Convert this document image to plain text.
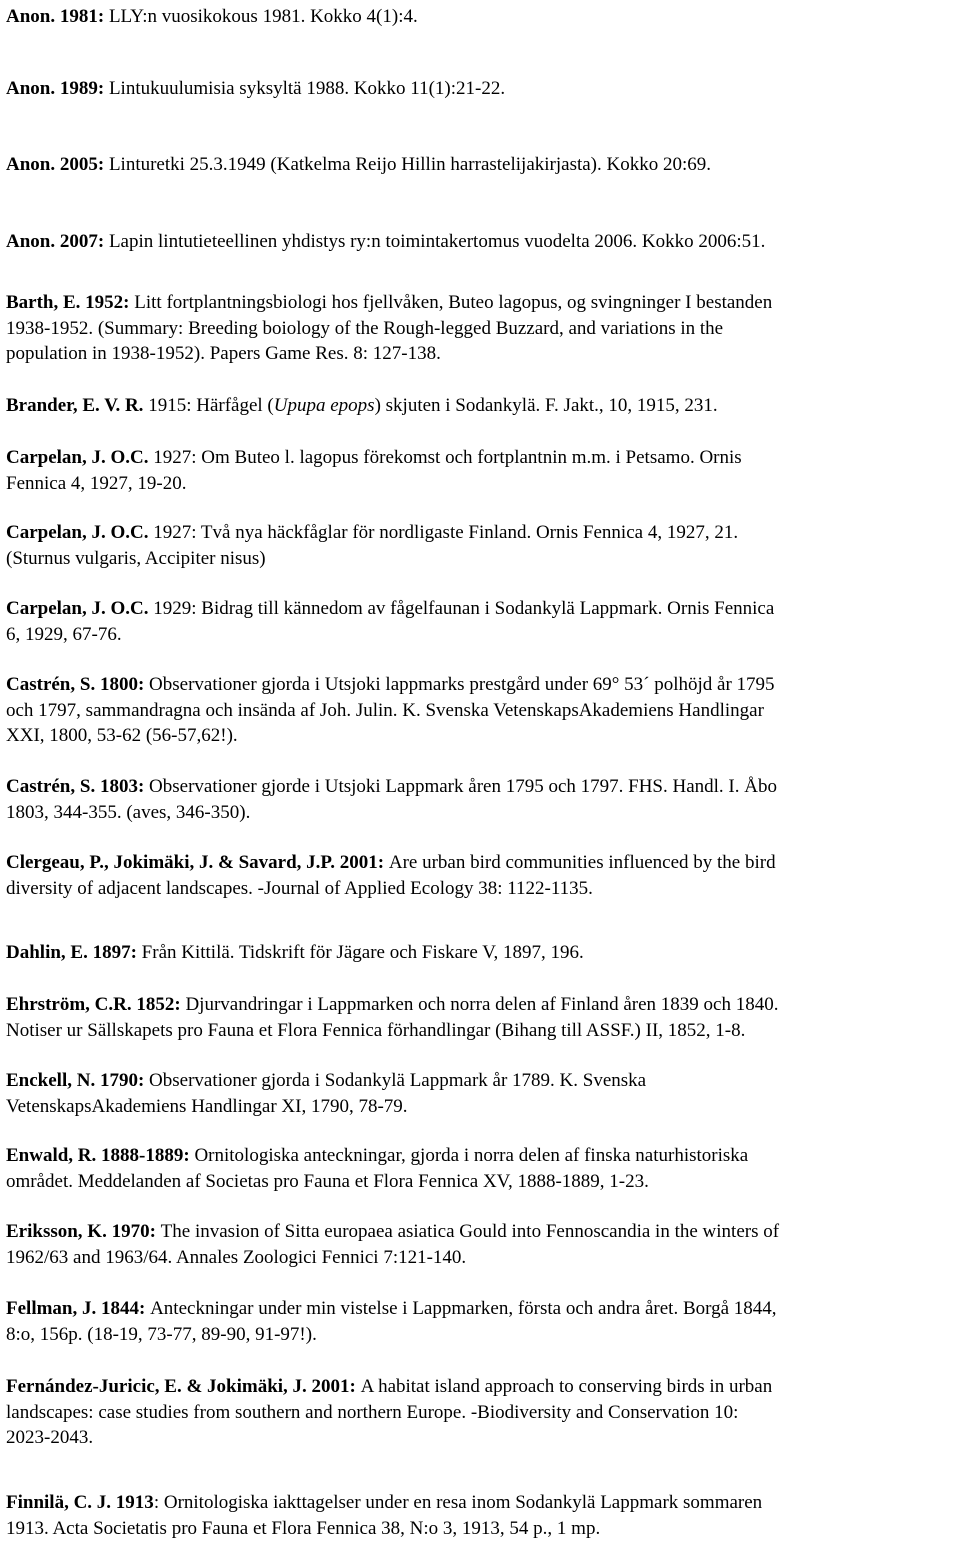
Anon. 1981: LLY:n vuosikokous 1981. Kokko 4(1):4.
Anon. 1989: Lintukuulumisia syksyltä 1988. Kokko 11(1):21-22.
Anon. 2005: Linturetki 25.3.1949 (Katkelma Reijo Hillin harrastelijakirjasta). Kokko 20:69.
Anon. 2007: Lapin lintutieteellinen yhdistys ry:n toimintakertomus vuodelta 2006. Kokko 2006:51.
Barth, E. 1952: Litt fortplantningsbiologi hos fjellvåken, Buteo lagopus, og svingninger I bestanden
1938-1952. (Summary: Breeding boiology of the Rough-legged Buzzard, and variations in the
population in 1938-1952). Papers Game Res. 8: 127-138.
Brander, E. V. R. 1915: Härfågel (Upupa epops) skjuten i Sodankylä. F. Jakt., 10, 1915, 231.
Carpelan, J. O.C. 1927: Om Buteo l. lagopus förekomst och fortplantnin m.m. i Petsamo. Ornis
Fennica 4, 1927, 19-20.
Carpelan, J. O.C. 1927: Två nya häckfåglar för nordligaste Finland. Ornis Fennica 4, 1927, 21.
(Sturnus vulgaris, Accipiter nisus)
Carpelan, J. O.C. 1929: Bidrag till kännedom av fågelfaunan i Sodankylä Lappmark. Ornis Fennica
6, 1929, 67-76.
Castrén, S. 1800: Observationer gjorda i Utsjoki lappmarks prestgård under 69° 53´ polhöjd år 1795
och 1797, sammandragna och insända af Joh. Julin. K. Svenska VetenskapsAkademiens Handlingar
XXI, 1800, 53-62 (56-57,62!).
Castrén, S. 1803: Observationer gjorde i Utsjoki Lappmark åren 1795 och 1797. FHS. Handl. I. Åbo
1803, 344-355. (aves, 346-350).
Clergeau, P., Jokimäki, J. & Savard, J.P. 2001: Are urban bird communities influenced by the bird
diversity of adjacent landscapes. -Journal of Applied Ecology 38: 1122-1135.
Dahlin, E. 1897: Från Kittilä. Tidskrift för Jägare och Fiskare V, 1897, 196.
Ehrström, C.R. 1852: Djurvandringar i Lappmarken och norra delen af Finland åren 1839 och 1840.
Notiser ur Sällskapets pro Fauna et Flora Fennica förhandlingar (Bihang till ASSF.) II, 1852, 1-8.
Enckell, N. 1790: Observationer gjorda i Sodankylä Lappmark år 1789. K. Svenska
VetenskapsAkademiens Handlingar XI, 1790, 78-79.
Enwald, R. 1888-1889: Ornitologiska anteckningar, gjorda i norra delen af finska naturhistoriska
området. Meddelanden af Societas pro Fauna et Flora Fennica XV, 1888-1889, 1-23.
Eriksson, K. 1970: The invasion of Sitta europaea asiatica Gould into Fennoscandia in the winters of
1962/63 and 1963/64. Annales Zoologici Fennici 7:121-140.
Fellman, J. 1844: Anteckningar under min vistelse i Lappmarken, första och andra året. Borgå 1844,
8:o, 156p. (18-19, 73-77, 89-90, 91-97!).
Fernández-Juricic, E. & Jokimäki, J. 2001: A habitat island approach to conserving birds in urban
landscapes: case studies from southern and northern Europe. -Biodiversity and Conservation 10:
2023-2043.
Finnilä, C. J. 1913: Ornitologiska iakttagelser under en resa inom Sodankylä Lappmark sommaren
1913. Acta Societatis pro Fauna et Flora Fennica 38, N:o 3, 1913, 54 p., 1 mp.
